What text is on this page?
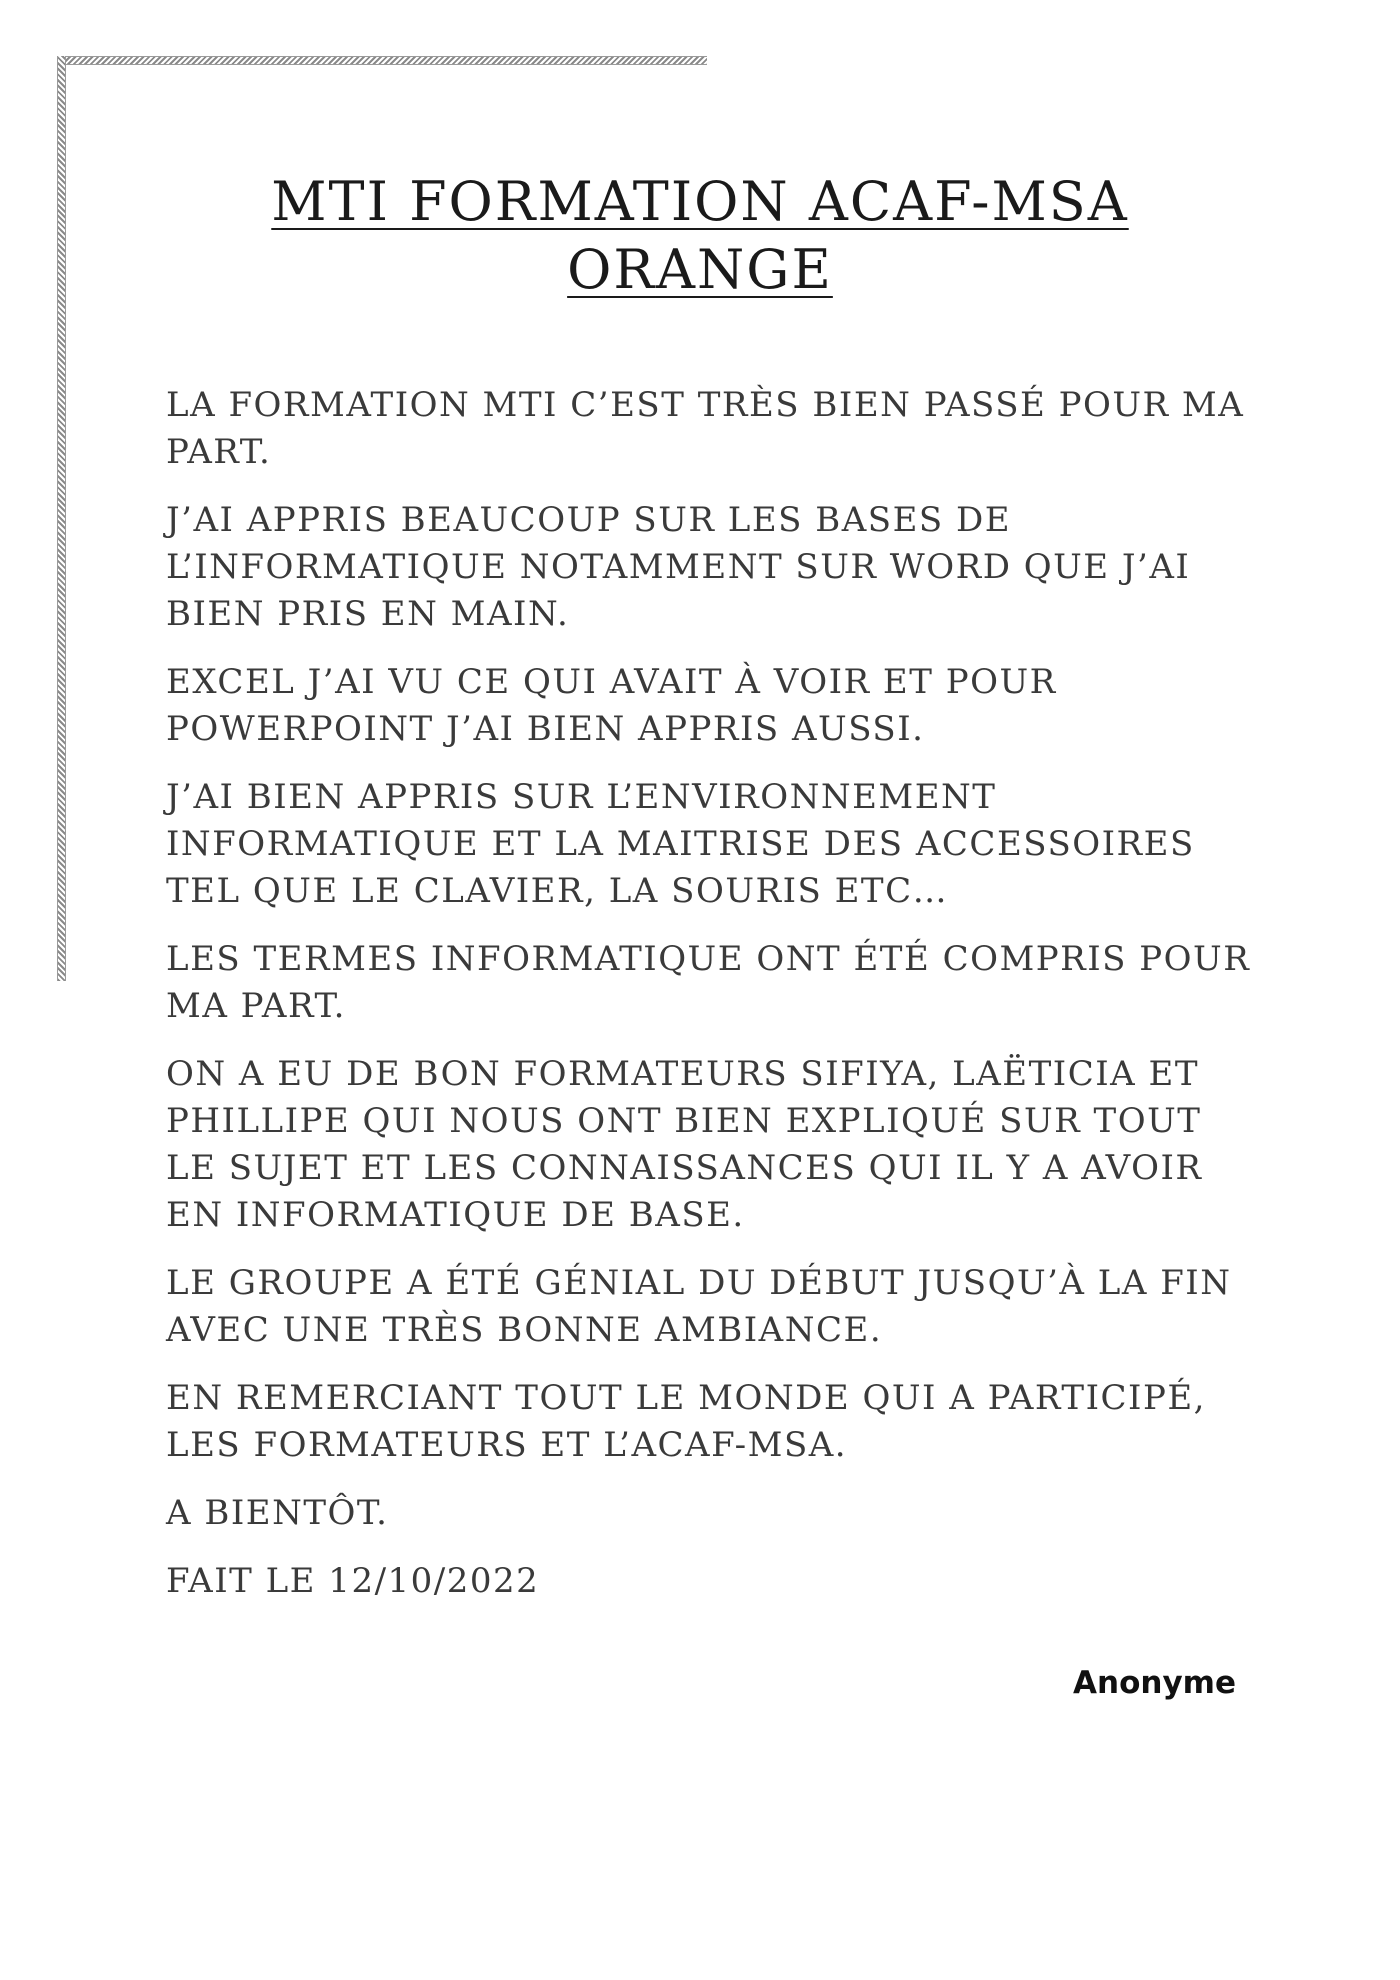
MTI FORMATION ACAF-MSA
ORANGE

LA FORMATION MTI C’EST TRÈS BIEN PASSÉ POUR MA PART.

J’AI APPRIS BEAUCOUP SUR LES BASES DE L’INFORMATIQUE NOTAMMENT SUR WORD QUE J’AI BIEN PRIS EN MAIN.

EXCEL J’AI VU CE QUI AVAIT À VOIR ET POUR POWERPOINT J’AI BIEN APPRIS AUSSI.

J’AI BIEN APPRIS SUR L’ENVIRONNEMENT INFORMATIQUE ET LA MAITRISE DES ACCESSOIRES TEL QUE LE CLAVIER, LA SOURIS ETC…

LES TERMES INFORMATIQUE ONT ÉTÉ COMPRIS POUR MA PART.

ON A EU DE BON FORMATEURS SIFIYA, LAËTICIA ET PHILLIPE QUI NOUS ONT BIEN EXPLIQUÉ SUR TOUT LE SUJET ET LES CONNAISSANCES QUI IL Y A AVOIR EN INFORMATIQUE DE BASE.

LE GROUPE A ÉTÉ GÉNIAL DU DÉBUT JUSQU’À LA FIN AVEC UNE TRÈS BONNE AMBIANCE.

EN REMERCIANT TOUT LE MONDE QUI A PARTICIPÉ, LES FORMATEURS ET L’ACAF-MSA.

A BIENTÔT.

FAIT LE 12/10/2022

Anonyme
